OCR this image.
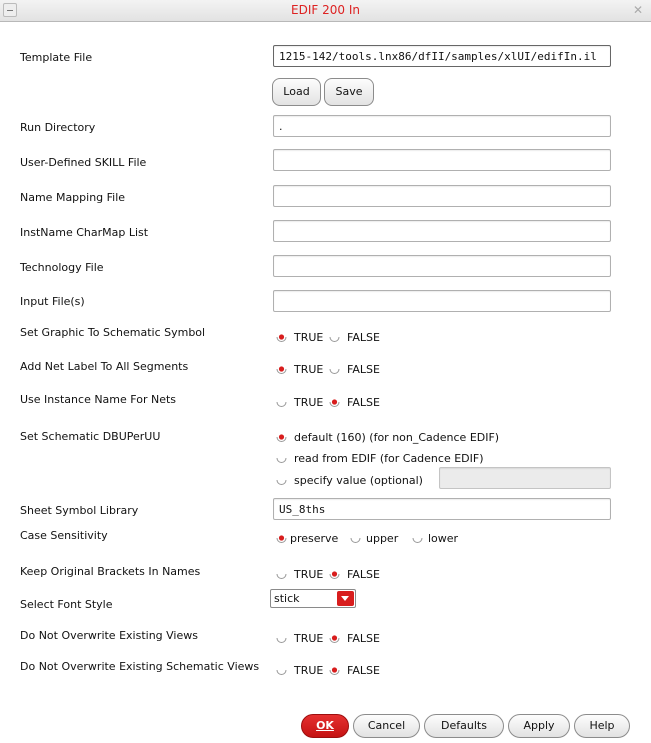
EDIF 200 In	✕
Template File	1215-142/tools.lnx86/dfII/samples/xlUI/edifIn.il
Load	Save
Run Directory	.
User-Defined SKILL File
Name Mapping File
InstName CharMap List
Technology File
Input File(s)
Set Graphic To Schematic Symbol	TRUE FALSE
Add Net Label To All Segments	TRUE FALSE
Use Instance Name For Nets	TRUE FALSE
Set Schematic DBUPerUU	default (160) (for non_Cadence EDIF)
read from EDIF (for Cadence EDIF)
specify value (optional)
Sheet Symbol Library	US_8ths
Case Sensitivity	preserve	upper	lower
Keep Original Brackets In Names	TRUE FALSE
Select Font Style	stick
Do Not Overwrite Existing Views	TRUE FALSE
Do Not Overwrite Existing Schematic Views	TRUE FALSE
OK	Cancel	Defaults	Apply	Help
